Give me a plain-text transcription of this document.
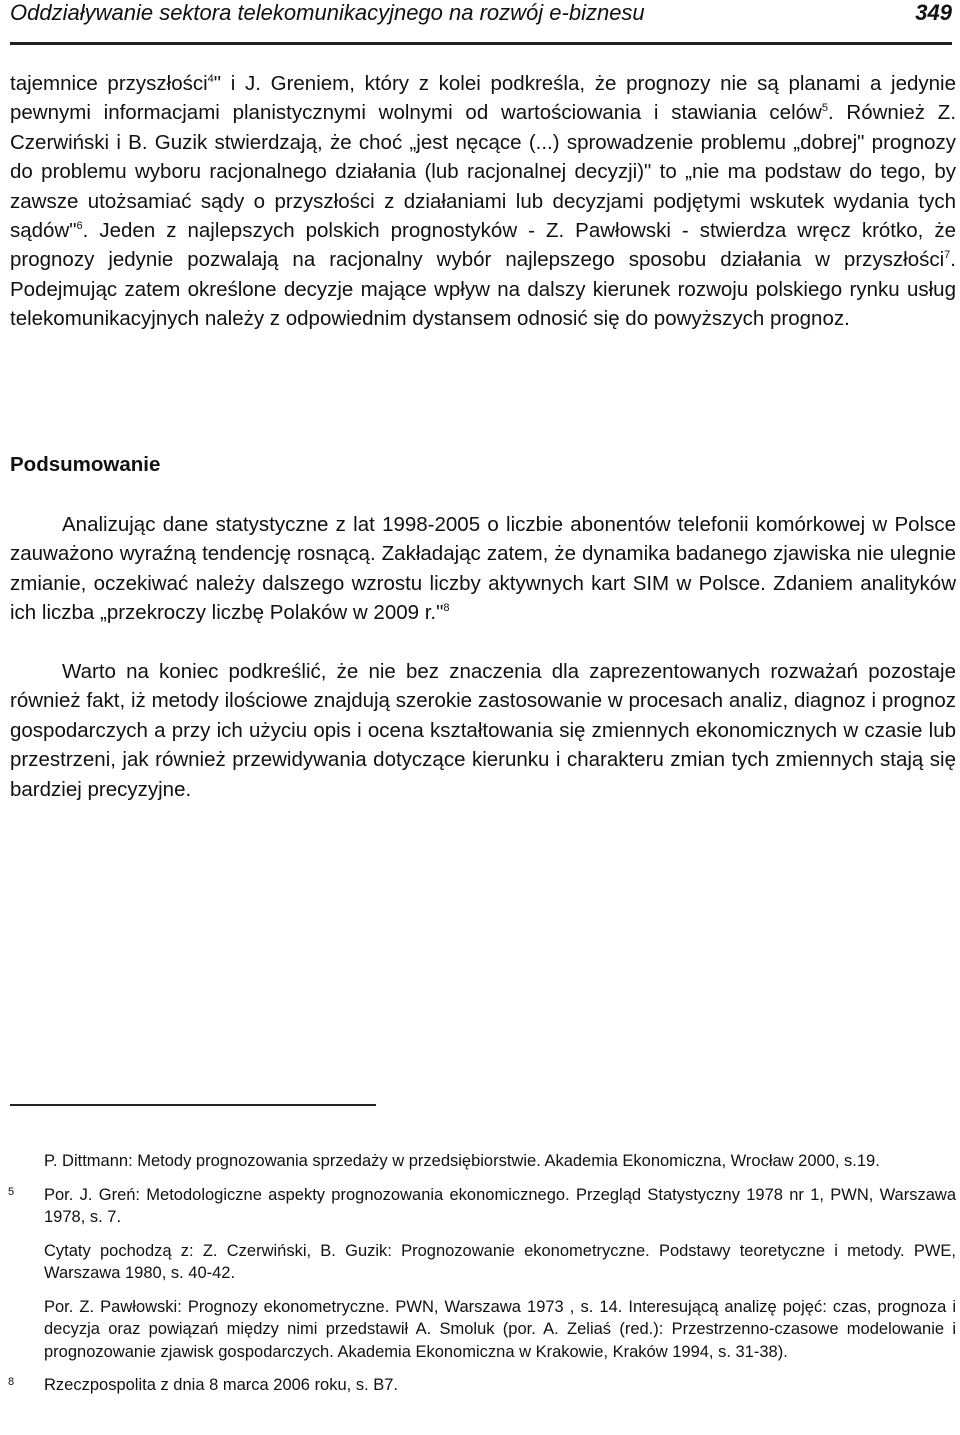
Oddziaływanie sektora telekomunikacyjnego na rozwój e-biznesu	349

tajemnice przyszłości$^4$" i J. Greniem, który z kolei podkreśla, że prognozy nie są planami a jedynie pewnymi informacjami planistycznymi wolnymi od wartościowania i stawiania celów$^5$. Również Z. Czerwiński i B. Guzik stwierdzają, że choć „jest nęcące (...) sprowadzenie problemu „dobrej" prognozy do problemu wyboru racjonalnego działania (lub racjonalnej decyzji)" to „nie ma podstaw do tego, by zawsze utożsamiać sądy o przyszłości z działaniami lub decyzjami podjętymi wskutek wydania tych sądów"$^6$. Jeden z najlepszych polskich prognostyków - Z. Pawłowski - stwierdza wręcz krótko, że prognozy jedynie pozwalają na racjonalny wybór najlepszego sposobu działania w przyszłości$^7$. Podejmując zatem określone decyzje mające wpływ na dalszy kierunek rozwoju polskiego rynku usług telekomunikacyjnych należy z odpowiednim dystansem odnosić się do powyższych prognoz.

Podsumowanie

Analizując dane statystyczne z lat 1998-2005 o liczbie abonentów telefonii komórkowej w Polsce zauważono wyraźną tendencję rosnącą. Zakładając zatem, że dynamika badanego zjawiska nie ulegnie zmianie, oczekiwać należy dalszego wzrostu liczby aktywnych kart SIM w Polsce. Zdaniem analityków ich liczba „przekroczy liczbę Polaków w 2009 r."$^8$

Warto na koniec podkreślić, że nie bez znaczenia dla zaprezentowanych rozważań pozostaje również fakt, iż metody ilościowe znajdują szerokie zastosowanie w procesach analiz, diagnoz i prognoz gospodarczych a przy ich użyciu opis i ocena kształtowania się zmiennych ekonomicznych w czasie lub przestrzeni, jak również przewidywania dotyczące kierunku i charakteru zmian tych zmiennych stają się bardziej precyzyjne.

P. Dittmann: Metody prognozowania sprzedaży w przedsiębiorstwie. Akademia Ekonomiczna, Wrocław 2000, s.19.

5 Por. J. Greń: Metodologiczne aspekty prognozowania ekonomicznego. Przegląd Statystyczny 1978 nr 1, PWN, Warszawa 1978, s. 7.

Cytaty pochodzą z: Z. Czerwiński, B. Guzik: Prognozowanie ekonometryczne. Podstawy teoretyczne i metody. PWE, Warszawa 1980, s. 40-42.

Por. Z. Pawłowski: Prognozy ekonometryczne. PWN, Warszawa 1973 , s. 14. Interesującą analizę pojęć: czas, prognoza i decyzja oraz powiązań między nimi przedstawił A. Smoluk (por. A. Zeliaś (red.): Przestrzenno-czasowe modelowanie i prognozowanie zjawisk gospodarczych. Akademia Ekonomiczna w Krakowie, Kraków 1994, s. 31-38).

8 Rzeczpospolita z dnia 8 marca 2006 roku, s. B7.
